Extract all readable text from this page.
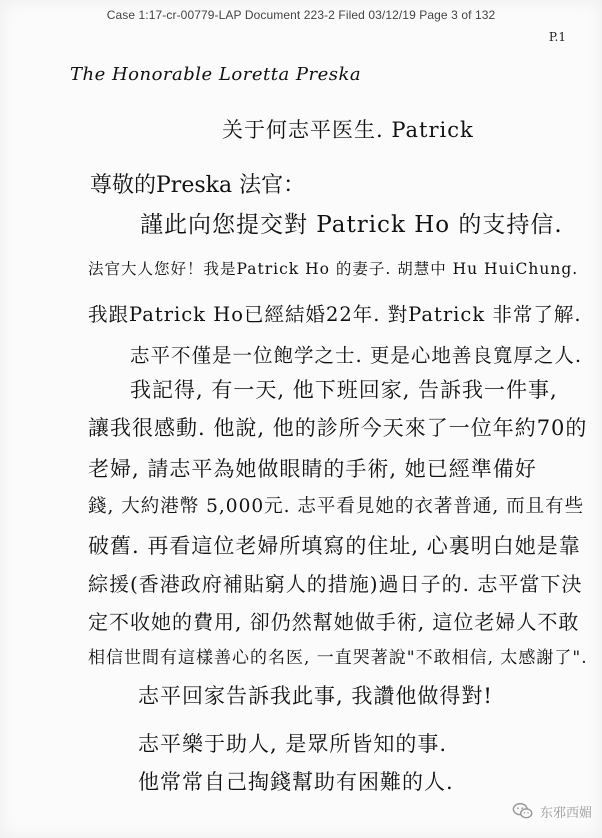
Case 1:17-cr-00779-LAP Document 223-2 Filed 03/12/19 Page 3 of 132
P.1
The Honorable Loretta Preska
关于何志平医生. Patrick
尊敬的Preska 法官：
謹此向您提交對 Patrick Ho 的支持信.
法官大人您好！我是Patrick Ho 的妻子. 胡慧中 Hu HuiChung.
我跟Patrick Ho已經結婚22年. 對Patrick 非常了解.
志平不僅是一位飽学之士. 更是心地善良寬厚之人.
我記得, 有一天, 他下班回家, 告訴我一件事,
讓我很感動. 他說, 他的診所今天來了一位年約70的
老婦, 請志平為她做眼睛的手術, 她已經準備好
錢, 大約港幣 5,000元. 志平看見她的衣著普通, 而且有些
破舊. 再看這位老婦所填寫的住址, 心裏明白她是靠
綜援(香港政府補貼窮人的措施)過日子的. 志平當下決
定不收她的費用, 卻仍然幫她做手術, 這位老婦人不敢
相信世間有這樣善心的名医, 一直哭著說"不敢相信, 太感謝了".
志平回家告訴我此事, 我讚他做得對!
志平樂于助人, 是眾所皆知的事.
他常常自己掏錢幫助有困難的人.
东邪西媚
